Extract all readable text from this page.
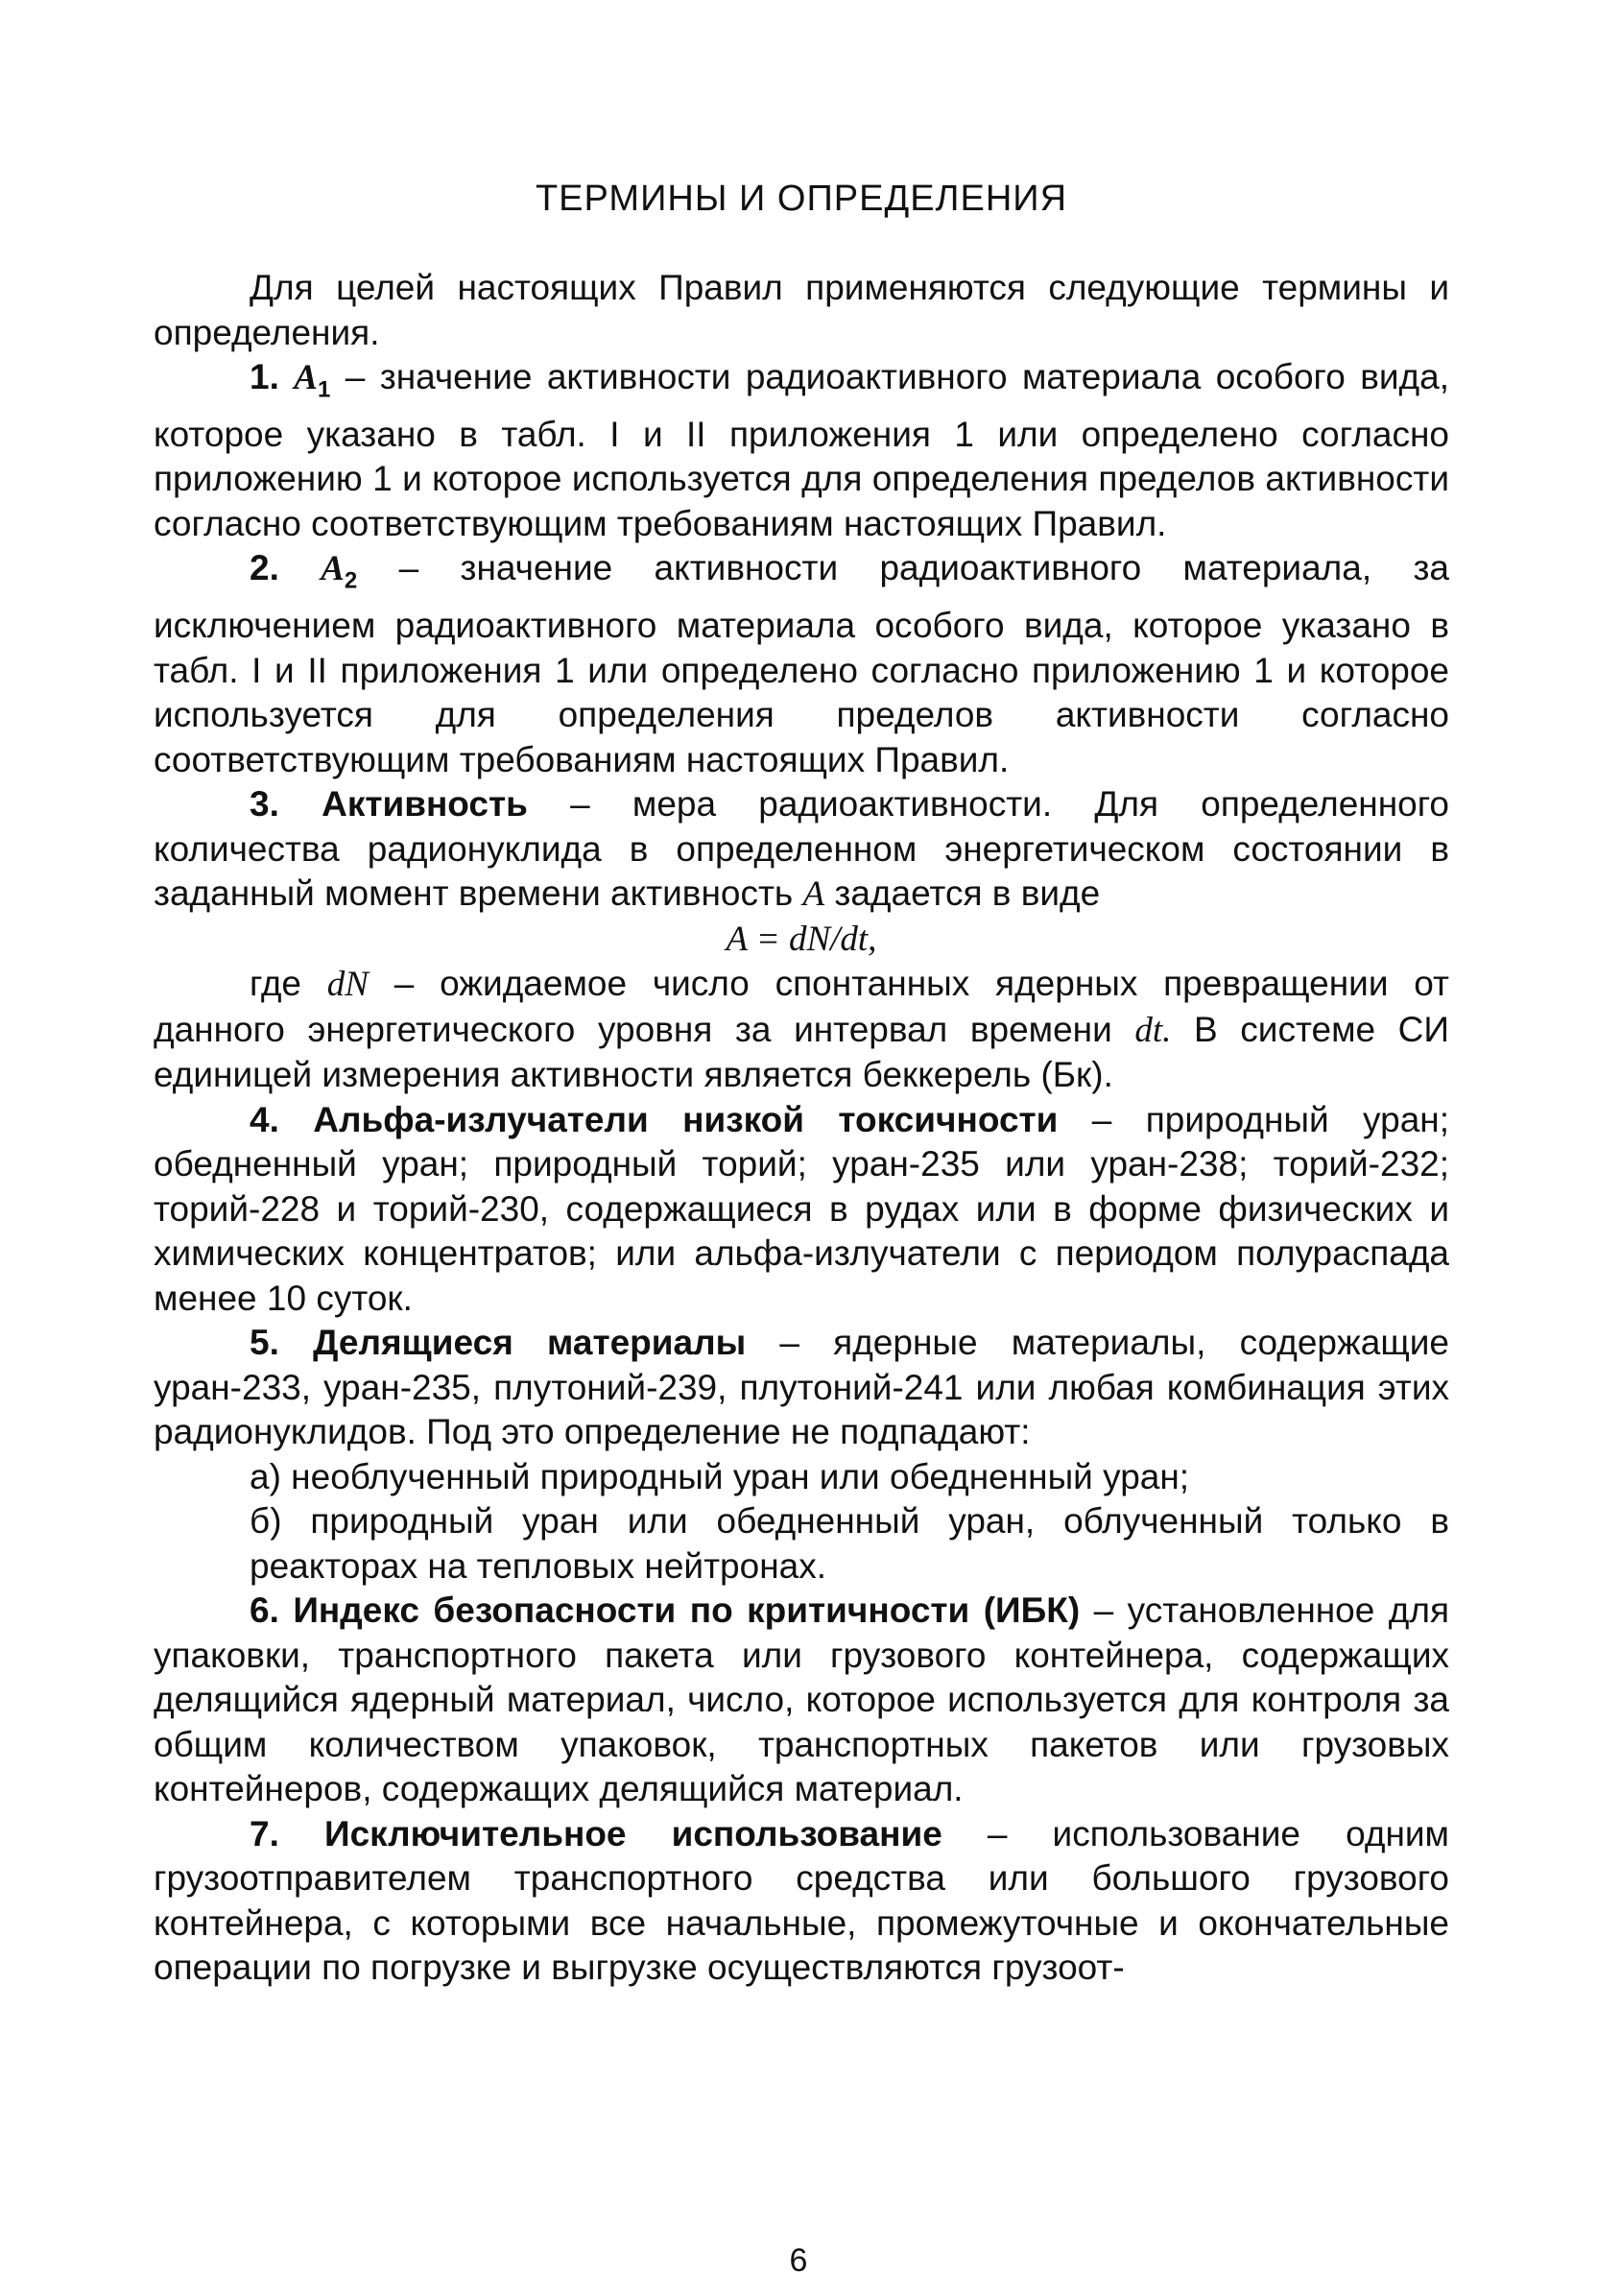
ТЕРМИНЫ И ОПРЕДЕЛЕНИЯ

Для целей настоящих Правил применяются следующие термины и определения.

1. $A_1$ – значение активности радиоактивного материала особого вида, которое указано в табл. I и II приложения 1 или определено согласно приложению 1 и которое используется для определения пределов активности согласно соответствующим требованиям настоящих Правил.

2. $A_2$ – значение активности радиоактивного материала, за исключением радиоактивного материала особого вида, которое указано в табл. I и II приложения 1 или определено согласно приложению 1 и которое используется для определения пределов активности согласно соответствующим требованиям настоящих Правил.

3. Активность – мера радиоактивности. Для определенного количества радионуклида в определенном энергетическом состоянии в заданный момент времени активность A задается в виде

A = dN/dt,

где dN – ожидаемое число спонтанных ядерных превращении от данного энергетического уровня за интервал времени dt. В системе СИ единицей измерения активности является беккерель (Бк).

4. Альфа-излучатели низкой токсичности – природный уран; обедненный уран; природный торий; уран-235 или уран-238; торий-232; торий-228 и торий-230, содержащиеся в рудах или в форме физических и химических концентратов; или альфа-излучатели с периодом полураспада менее 10 суток.

5. Делящиеся материалы – ядерные материалы, содержащие уран-233, уран-235, плутоний-239, плутоний-241 или любая комбинация этих радионуклидов. Под это определение не подпадают:

а) необлученный природный уран или обедненный уран;

б) природный уран или обедненный уран, облученный только в реакторах на тепловых нейтронах.

6. Индекс безопасности по критичности (ИБК) – установленное для упаковки, транспортного пакета или грузового контейнера, содержащих делящийся ядерный материал, число, которое используется для контроля за общим количеством упаковок, транспортных пакетов или грузовых контейнеров, содержащих делящийся материал.

7. Исключительное использование – использование одним грузоотправителем транспортного средства или большого грузового контейнера, с которыми все начальные, промежуточные и окончательные операции по погрузке и выгрузке осуществляются грузоот-

6
